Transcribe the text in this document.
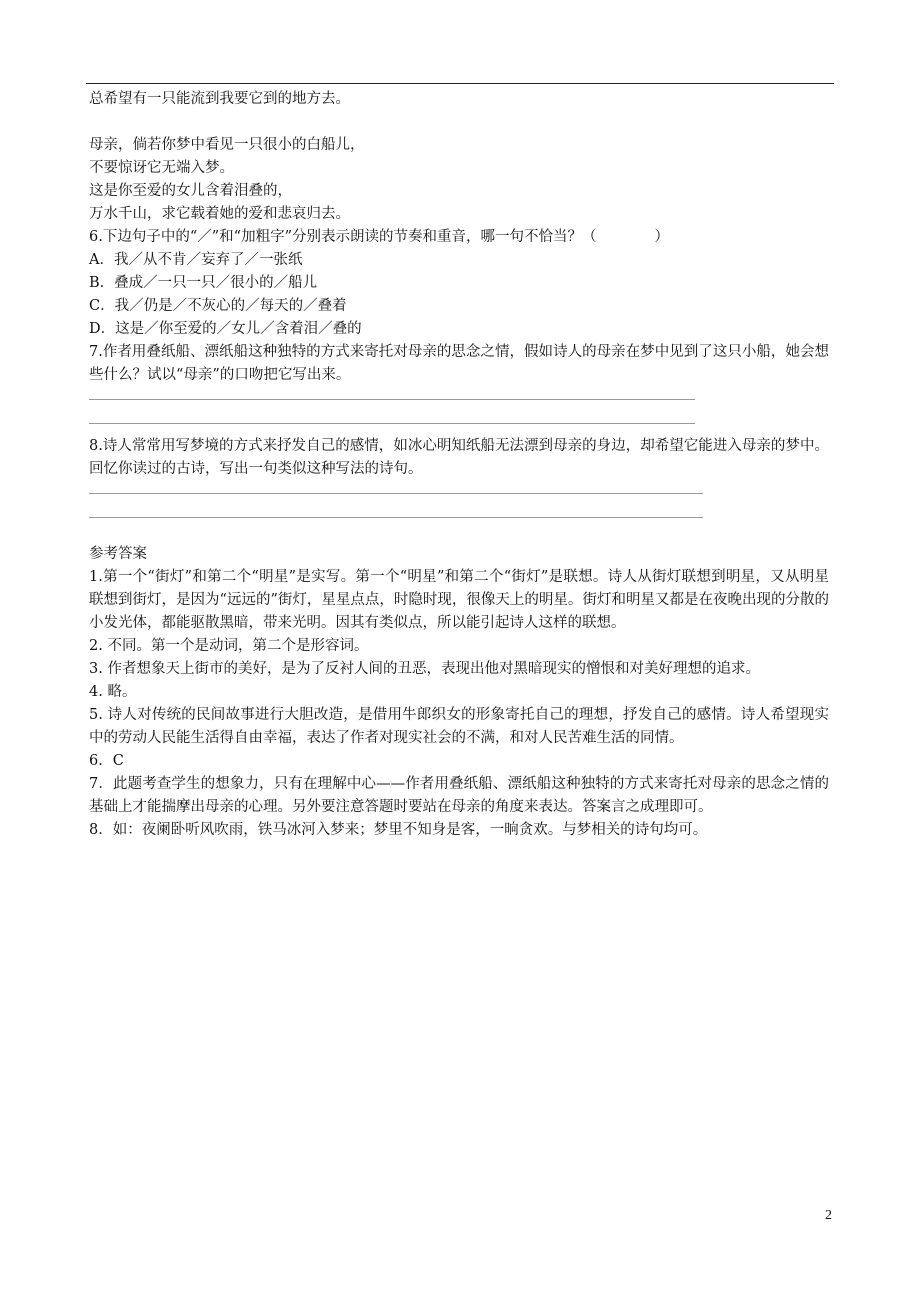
总希望有一只能流到我要它到的地方去。
母亲，倘若你梦中看见一只很小的白船儿，
不要惊讶它无端入梦。
这是你至爱的女儿含着泪叠的，
万水千山，求它载着她的爱和悲哀归去。
6.下边句子中的“／”和“加粗字”分别表示朗读的节奏和重音，哪一句不恰当？（　　　　）
A．我／从不肯／妄弃了／一张纸
B．叠成／一只一只／很小的／船儿
C．我／仍是／不灰心的／每天的／叠着
D．这是／你至爱的／女儿／含着泪／叠的
7.作者用叠纸船、漂纸船这种独特的方式来寄托对母亲的思念之情，假如诗人的母亲在梦中见到了这只小船，她会想些什么？试以“母亲”的口吻把它写出来。
8.诗人常常用写梦境的方式来抒发自己的感情，如冰心明知纸船无法漂到母亲的身边，却希望它能进入母亲的梦中。回忆你读过的古诗，写出一句类似这种写法的诗句。
参考答案
1.第一个“街灯”和第二个“明星”是实写。第一个“明星”和第二个“街灯”是联想。诗人从街灯联想到明星，又从明星联想到街灯，是因为“远远的”街灯，星星点点，时隐时现，很像天上的明星。街灯和明星又都是在夜晚出现的分散的小发光体，都能驱散黑暗，带来光明。因其有类似点，所以能引起诗人这样的联想。
2. 不同。第一个是动词，第二个是形容词。
3. 作者想象天上街市的美好，是为了反衬人间的丑恶，表现出他对黑暗现实的憎恨和对美好理想的追求。
4. 略。
5. 诗人对传统的民间故事进行大胆改造，是借用牛郎织女的形象寄托自己的理想，抒发自己的感情。诗人希望现实中的劳动人民能生活得自由幸福，表达了作者对现实社会的不满，和对人民苦难生活的同情。
6．C
7．此题考查学生的想象力，只有在理解中心——作者用叠纸船、漂纸船这种独特的方式来寄托对母亲的思念之情的基础上才能揣摩出母亲的心理。另外要注意答题时要站在母亲的角度来表达。答案言之成理即可。
8．如：夜阑卧听风吹雨，铁马冰河入梦来；梦里不知身是客，一晌贪欢。与梦相关的诗句均可。
2
